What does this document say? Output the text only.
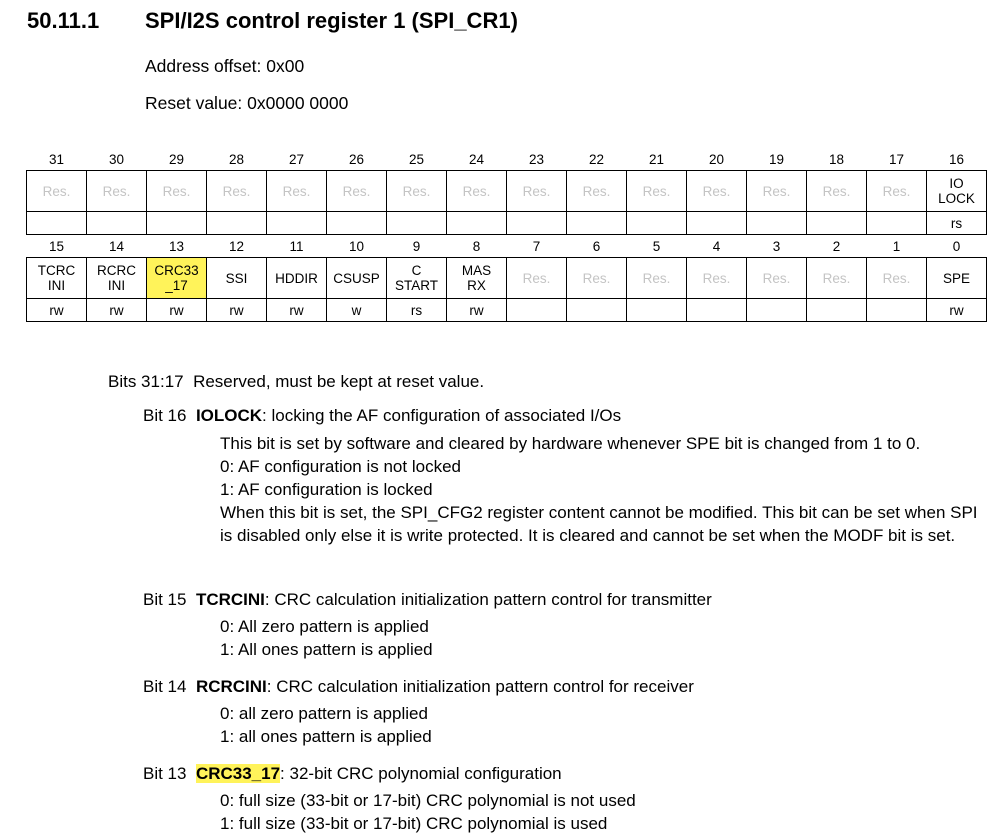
50.11.1 SPI/I2S control register 1 (SPI_CR1)
Address offset: 0x00
Reset value: 0x0000 0000
31	30	29	28	27	26	25	24	23	22	21	20	19	18	17	16
Res.	Res.	Res.	Res.	Res.	Res.	Res.	Res.	Res.	Res.	Res.	Res.	Res.	Res.	Res.	IO
LOCK
															rs
15	14	13	12	11	10	9	8	7	6	5	4	3	2	1	0
TCRC
INI	RCRC
INI	CRC33
_17	SSI	HDDIR	CSUSP	C
START	MAS
RX	Res.	Res.	Res.	Res.	Res.	Res.	Res.	SPE
rw	rw	rw	rw	rw	w	rs	rw								rw
Bits 31:17 Reserved, must be kept at reset value.
Bit 16 IOLOCK: locking the AF configuration of associated I/Os
This bit is set by software and cleared by hardware whenever SPE bit is changed from 1 to 0.
0: AF configuration is not locked
1: AF configuration is locked
When this bit is set, the SPI_CFG2 register content cannot be modified. This bit can be set when SPI is disabled only else it is write protected. It is cleared and cannot be set when the MODF bit is set.
Bit 15 TCRCINI: CRC calculation initialization pattern control for transmitter
0: All zero pattern is applied
1: All ones pattern is applied
Bit 14 RCRCINI: CRC calculation initialization pattern control for receiver
0: all zero pattern is applied
1: all ones pattern is applied
Bit 13 CRC33_17: 32-bit CRC polynomial configuration
0: full size (33-bit or 17-bit) CRC polynomial is not used
1: full size (33-bit or 17-bit) CRC polynomial is used
